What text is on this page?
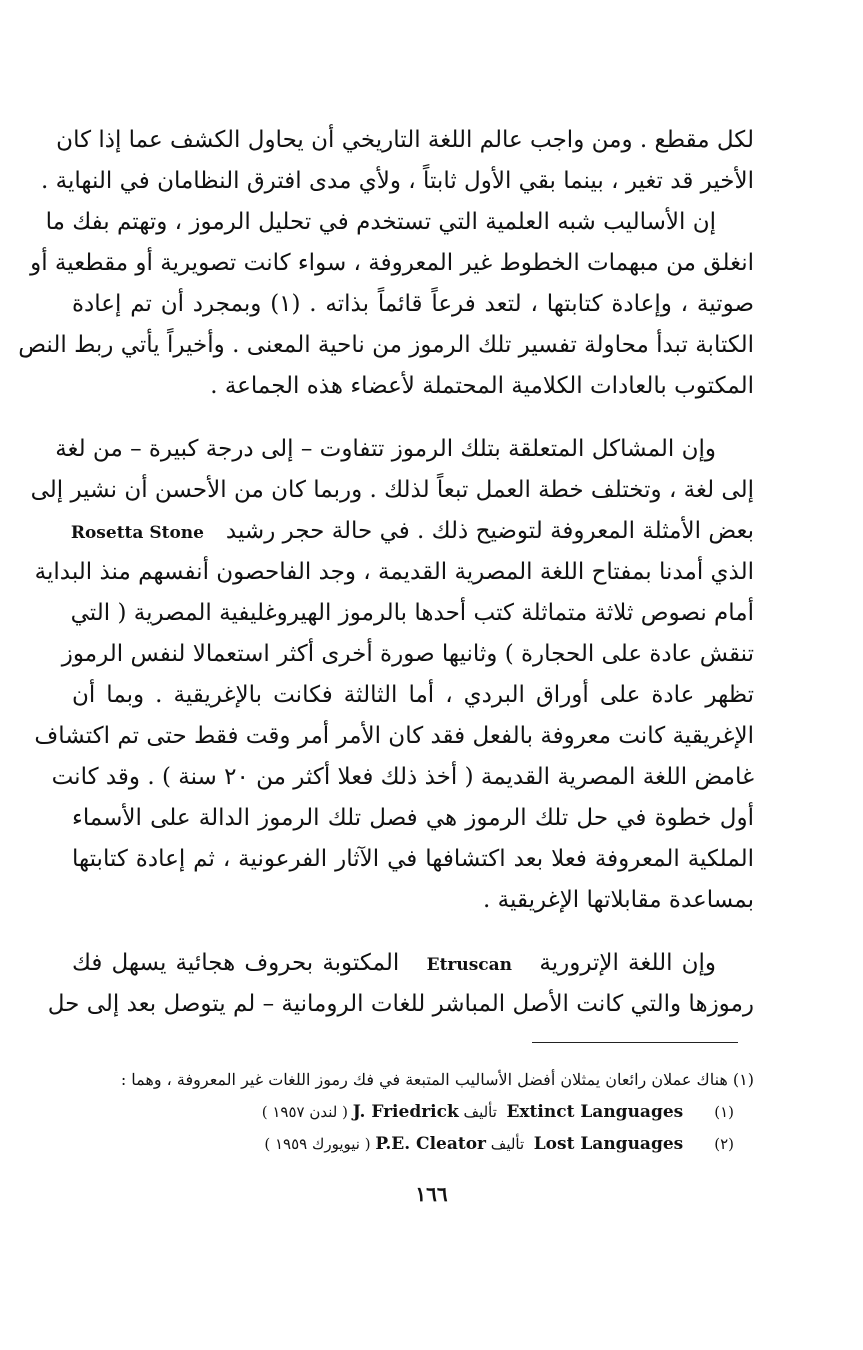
لكل مقطع . ومن واجب عالم اللغة التاريخي أن يحاول الكشف عما إذا كان
الأخير قد تغير ، بينما بقي الأول ثابتاً ، ولأي مدى افترق النظامان في النهاية .
إن الأساليب شبه العلمية التي تستخدم في تحليل الرموز ، وتهتم بفك ما
انغلق من مبهمات الخطوط غير المعروفة ، سواء كانت تصويرية أو مقطعية أو
صوتية ، وإعادة كتابتها ، لتعد فرعاً قائماً بذاته . (١) وبمجرد أن تم إعادة
الكتابة تبدأ محاولة تفسير تلك الرموز من ناحية المعنى . وأخيراً يأتي ربط النص
المكتوب بالعادات الكلامية المحتملة لأعضاء هذه الجماعة .
وإن المشاكل المتعلقة بتلك الرموز تتفاوت – إلى درجة كبيرة – من لغة
إلى لغة ، وتختلف خطة العمل تبعاً لذلك . وربما كان من الأحسن أن نشير إلى
بعض الأمثلة المعروفة لتوضيح ذلك . في حالة حجر رشيد   Rosetta Stone
الذي أمدنا بمفتاح اللغة المصرية القديمة ، وجد الفاحصون أنفسهم منذ البداية
أمام نصوص ثلاثة متماثلة كتب أحدها بالرموز الهيروغليفية المصرية ( التي
تنقش عادة على الحجارة ) وثانيها صورة أخرى أكثر استعمالا لنفس الرموز
تظهر عادة على أوراق البردي ، أما الثالثة فكانت بالإغريقية . وبما أن
الإغريقية كانت معروفة بالفعل فقد كان الأمر أمر وقت فقط حتى تم اكتشاف
غامض اللغة المصرية القديمة ( أخذ ذلك فعلا أكثر من ٢٠ سنة ) . وقد كانت
أول خطوة في حل تلك الرموز هي فصل تلك الرموز الدالة على الأسماء
الملكية المعروفة فعلا بعد اكتشافها في الآثار الفرعونية ، ثم إعادة كتابتها
بمساعدة مقابلاتها الإغريقية .
وإن اللغة الإترورية   Etruscan   المكتوبة بحروف هجائية يسهل فك
رموزها والتي كانت الأصل المباشر للغات الرومانية – لم يتوصل بعد إلى حل
(١) هناك عملان رائعان يمثلان أفضل الأساليب المتبعة في فك رموز اللغات غير المعروفة ، وهما :
(١) Extinct Languages  تأليف J. Friedrick ( لندن ١٩٥٧ )
(٢) Lost Languages  تأليف P.E. Cleator ( نيويورك ١٩٥٩ )
١٦٦
